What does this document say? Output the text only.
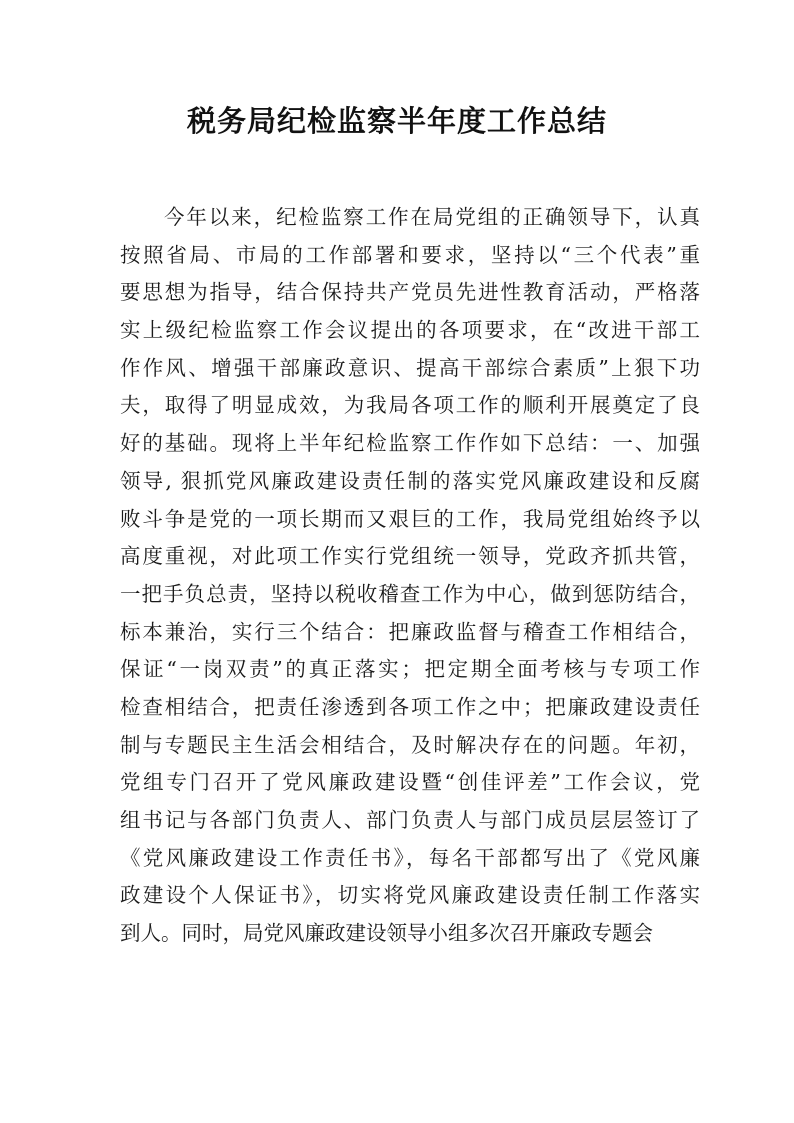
税务局纪检监察半年度工作总结
今年以来，纪检监察工作在局党组的正确领导下，认真
按照省局、市局的工作部署和要求，坚持以“三个代表”重
要思想为指导，结合保持共产党员先进性教育活动，严格落
实上级纪检监察工作会议提出的各项要求，在“改进干部工
作作风、增强干部廉政意识、提高干部综合素质”上狠下功
夫，取得了明显成效，为我局各项工作的顺利开展奠定了良
好的基础。现将上半年纪检监察工作作如下总结：一、加强
领导, 狠抓党风廉政建设责任制的落实党风廉政建设和反腐
败斗争是党的一项长期而又艰巨的工作，我局党组始终予以
高度重视，对此项工作实行党组统一领导，党政齐抓共管，
一把手负总责，坚持以税收稽查工作为中心，做到惩防结合，
标本兼治，实行三个结合：把廉政监督与稽查工作相结合，
保证“一岗双责”的真正落实；把定期全面考核与专项工作
检查相结合，把责任渗透到各项工作之中；把廉政建设责任
制与专题民主生活会相结合，及时解决存在的问题。年初，
党组专门召开了党风廉政建设暨“创佳评差”工作会议，党
组书记与各部门负责人、部门负责人与部门成员层层签订了
《党风廉政建设工作责任书》，每名干部都写出了《党风廉
政建设个人保证书》，切实将党风廉政建设责任制工作落实
到人。同时，局党风廉政建设领导小组多次召开廉政专题会
